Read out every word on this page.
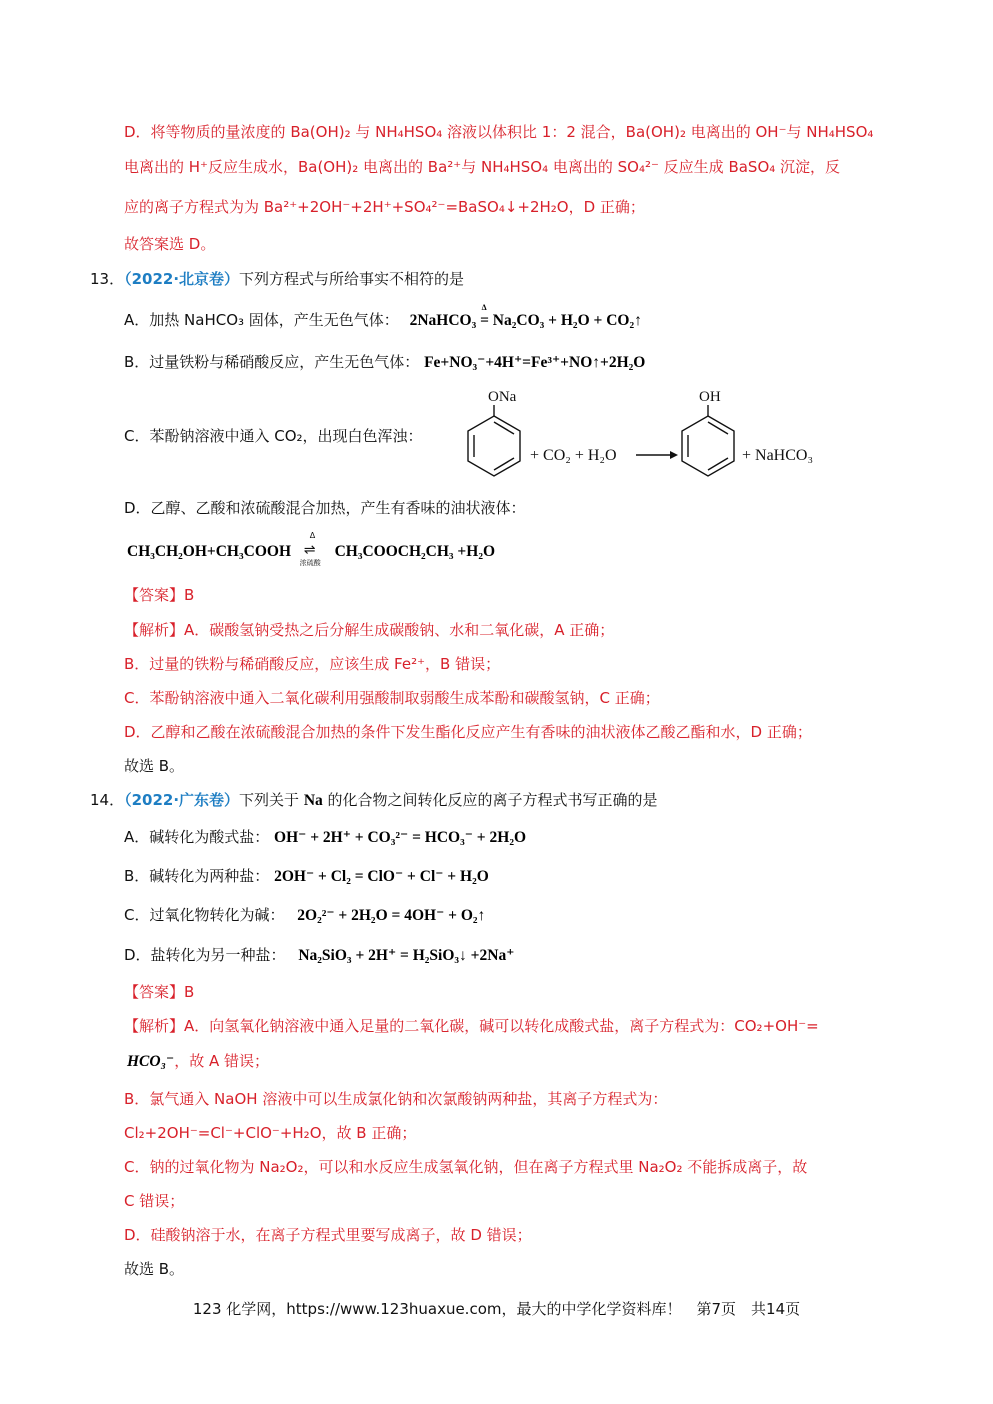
D．将等物质的量浓度的 Ba(OH)₂ 与 NH₄HSO₄ 溶液以体积比 1：2 混合，Ba(OH)₂ 电离出的 OH⁻与 NH₄HSO₄
电离出的 H⁺反应生成水，Ba(OH)₂ 电离出的 Ba²⁺与 NH₄HSO₄ 电离出的 SO₄²⁻ 反应生成 BaSO₄ 沉淀，反
应的离子方程式为为 Ba²⁺+2OH⁻+2H⁺+SO₄²⁻=BaSO₄↓+2H₂O，D 正确；
故答案选 D。
13．（2022·北京卷）下列方程式与所给事实不相符的是
A．加热 NaHCO₃ 固体，产生无色气体：
Δ
2NaHCO₃ = Na₂CO₃ + H₂O + CO₂↑
B．过量铁粉与稀硝酸反应，产生无色气体： Fe+NO₃⁻+4H⁺=Fe³⁺+NO↑+2H₂O
C．苯酚钠溶液中通入 CO₂，出现白色浑浊：
ONa
+ CO₂ + H₂O
OH
+ NaHCO₃
D．乙醇、乙酸和浓硫酸混合加热，产生有香味的油状液体：
CH₃CH₂OH+CH₃COOH
Δ
⇌
浓硫酸
CH₃COOCH₂CH₃ +H₂O
【答案】B
【解析】A．碳酸氢钠受热之后分解生成碳酸钠、水和二氧化碳，A 正确；
B．过量的铁粉与稀硝酸反应，应该生成 Fe²⁺，B 错误；
C．苯酚钠溶液中通入二氧化碳利用强酸制取弱酸生成苯酚和碳酸氢钠，C 正确；
D．乙醇和乙酸在浓硫酸混合加热的条件下发生酯化反应产生有香味的油状液体乙酸乙酯和水，D 正确；
故选 B。
14．（2022·广东卷）下列关于 Na 的化合物之间转化反应的离子方程式书写正确的是
A．碱转化为酸式盐： OH⁻ + 2H⁺ + CO₃²⁻ = HCO₃⁻ + 2H₂O
B．碱转化为两种盐： 2OH⁻ + Cl₂ = ClO⁻ + Cl⁻ + H₂O
C．过氧化物转化为碱： 2O₂²⁻ + 2H₂O = 4OH⁻ + O₂↑
D．盐转化为另一种盐： Na₂SiO₃ + 2H⁺ = H₂SiO₃↓ +2Na⁺
【答案】B
【解析】A．向氢氧化钠溶液中通入足量的二氧化碳，碱可以转化成酸式盐，离子方程式为：CO₂+OH⁻=
HCO₃⁻，故 A 错误；
B．氯气通入 NaOH 溶液中可以生成氯化钠和次氯酸钠两种盐，其离子方程式为：
Cl₂+2OH⁻=Cl⁻+ClO⁻+H₂O，故 B 正确；
C．钠的过氧化物为 Na₂O₂，可以和水反应生成氢氧化钠，但在离子方程式里 Na₂O₂ 不能拆成离子，故
C 错误；
D．硅酸钠溶于水，在离子方程式里要写成离子，故 D 错误；
故选 B。
123 化学网，https://www.123huaxue.com，最大的中学化学资料库！　第7页　共14页
